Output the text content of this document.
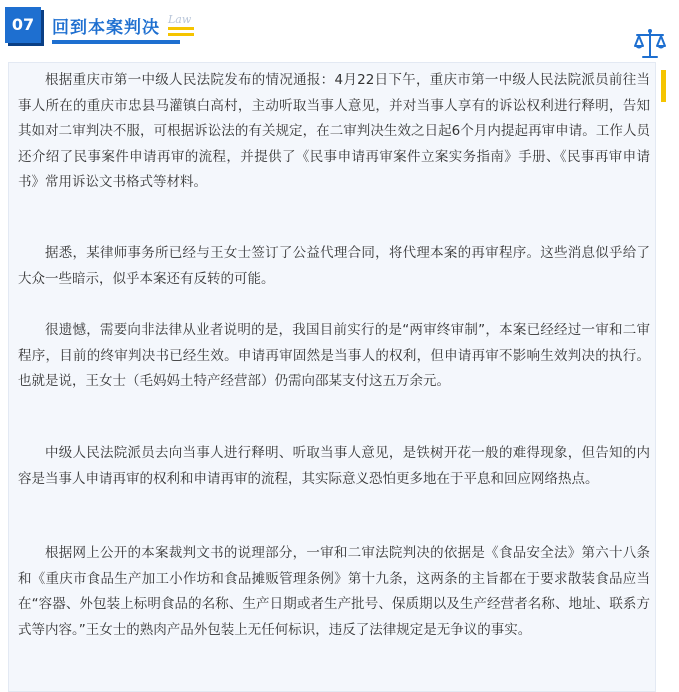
07	回到本案判决 Law

根据重庆市第一中级人民法院发布的情况通报：4月22日下午，重庆市第一中级人民法院派员前往当事人所在的重庆市忠县马灌镇白高村，主动听取当事人意见，并对当事人享有的诉讼权利进行释明，告知其如对二审判决不服，可根据诉讼法的有关规定，在二审判决生效之日起6个月内提起再审申请。工作人员还介绍了民事案件申请再审的流程，并提供了《民事申请再审案件立案实务指南》手册、《民事再审申请书》常用诉讼文书格式等材料。

据悉，某律师事务所已经与王女士签订了公益代理合同，将代理本案的再审程序。这些消息似乎给了大众一些暗示，似乎本案还有反转的可能。

很遗憾，需要向非法律从业者说明的是，我国目前实行的是“两审终审制”，本案已经经过一审和二审程序，目前的终审判决书已经生效。申请再审固然是当事人的权利，但申请再审不影响生效判决的执行。也就是说，王女士（毛妈妈土特产经营部）仍需向邵某支付这五万余元。

中级人民法院派员去向当事人进行释明、听取当事人意见，是铁树开花一般的难得现象，但告知的内容是当事人申请再审的权利和申请再审的流程，其实际意义恐怕更多地在于平息和回应网络热点。

根据网上公开的本案裁判文书的说理部分，一审和二审法院判决的依据是《食品安全法》第六十八条和《重庆市食品生产加工小作坊和食品摊贩管理条例》第十九条，这两条的主旨都在于要求散装食品应当在“容器、外包装上标明食品的名称、生产日期或者生产批号、保质期以及生产经营者名称、地址、联系方式等内容。”王女士的熟肉产品外包装上无任何标识，违反了法律规定是无争议的事实。
